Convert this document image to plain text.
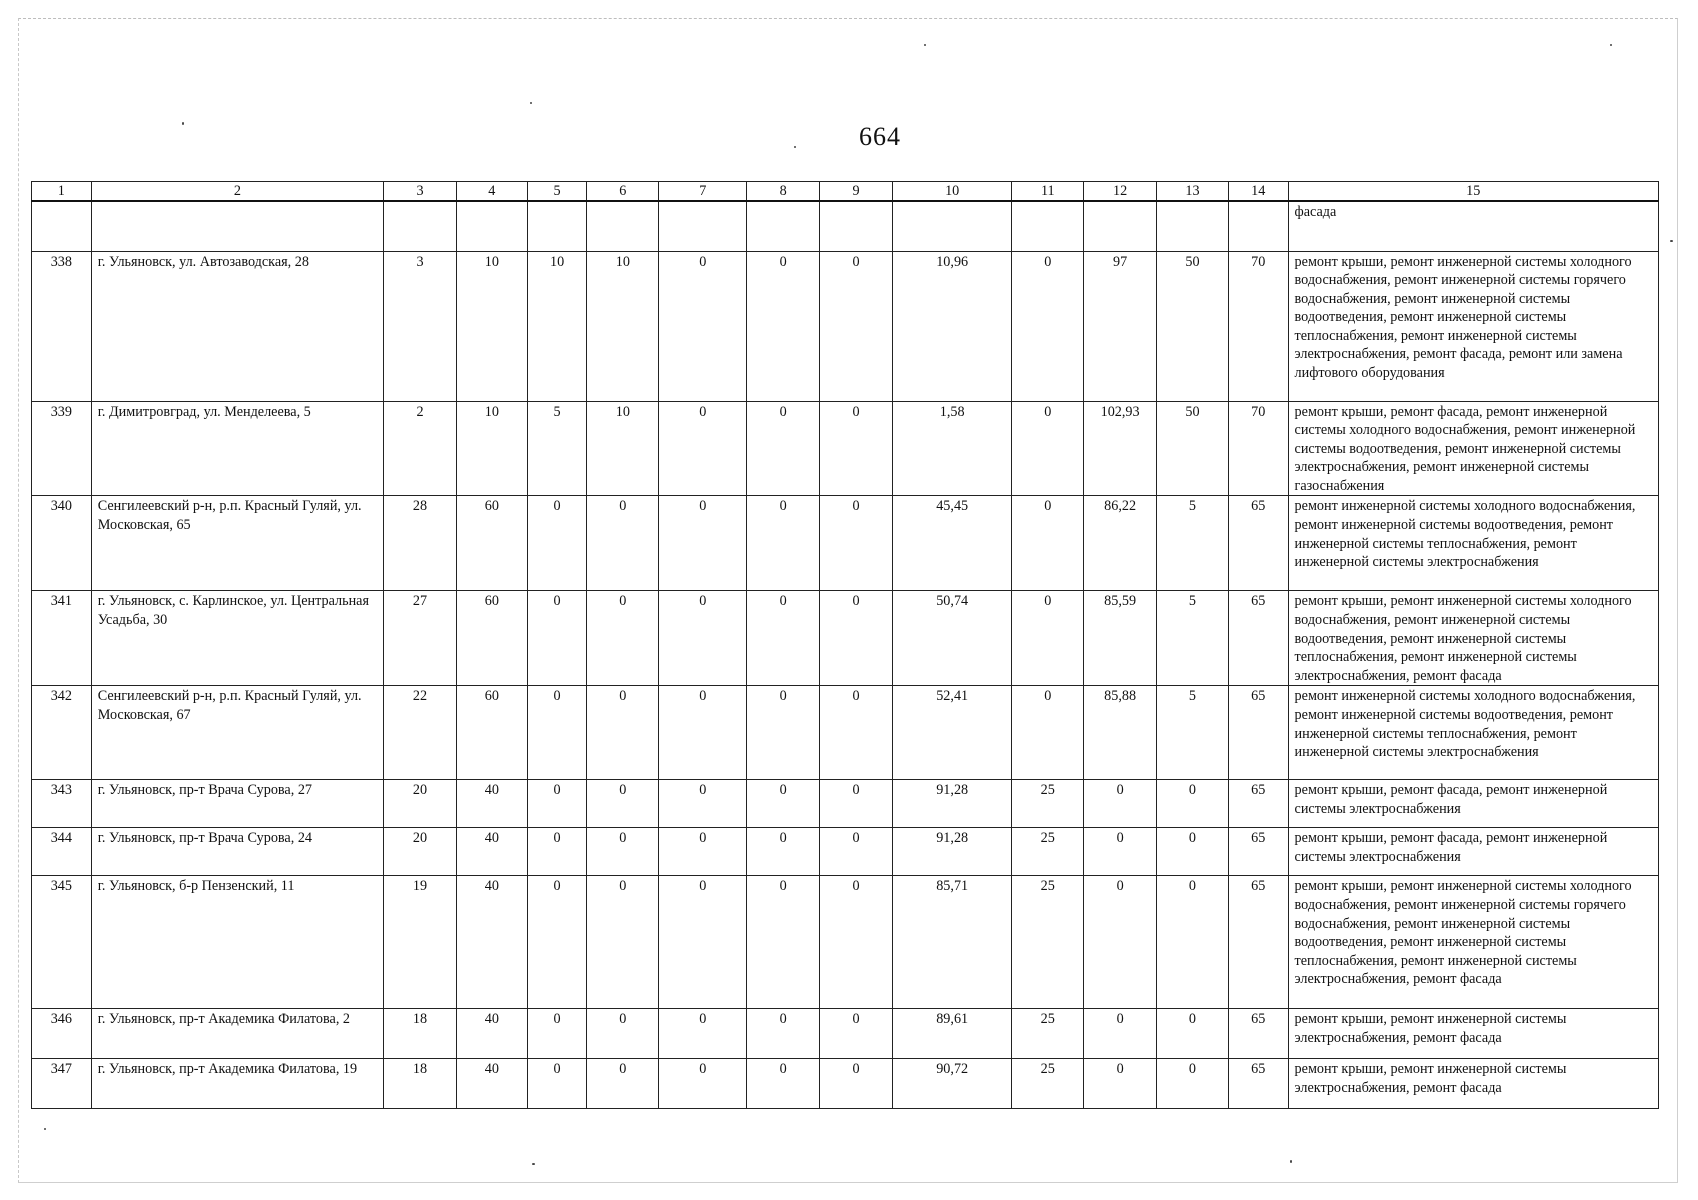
664
1	2	3	4	5	6	7	8	9	10	11	12	13	14	15
														фасада
338	г. Ульяновск, ул. Автозаводская, 28	3	10	10	10	0	0	0	10,96	0	97	50	70	ремонт крыши, ремонт инженерной системы холодного водоснабжения, ремонт инженерной системы горячего водоснабжения, ремонт инженерной системы водоотведения, ремонт инженерной системы теплоснабжения, ремонт инженерной системы электроснабжения, ремонт фасада, ремонт или замена лифтового оборудования
339	г. Димитровград, ул. Менделеева, 5	2	10	5	10	0	0	0	1,58	0	102,93	50	70	ремонт крыши, ремонт фасада, ремонт инженерной системы холодного водоснабжения, ремонт инженерной системы водоотведения, ремонт инженерной системы электроснабжения, ремонт инженерной системы газоснабжения
340	Сенгилеевский р-н, р.п. Красный Гуляй, ул. Московская, 65	28	60	0	0	0	0	0	45,45	0	86,22	5	65	ремонт инженерной системы холодного водоснабжения, ремонт инженерной системы водоотведения, ремонт инженерной системы теплоснабжения, ремонт инженерной системы электроснабжения
341	г. Ульяновск, с. Карлинское, ул. Центральная Усадьба, 30	27	60	0	0	0	0	0	50,74	0	85,59	5	65	ремонт крыши, ремонт инженерной системы холодного водоснабжения, ремонт инженерной системы водоотведения, ремонт инженерной системы теплоснабжения, ремонт инженерной системы электроснабжения, ремонт фасада
342	Сенгилеевский р-н, р.п. Красный Гуляй, ул. Московская, 67	22	60	0	0	0	0	0	52,41	0	85,88	5	65	ремонт инженерной системы холодного водоснабжения, ремонт инженерной системы водоотведения, ремонт инженерной системы теплоснабжения, ремонт инженерной системы электроснабжения
343	г. Ульяновск, пр-т Врача Сурова, 27	20	40	0	0	0	0	0	91,28	25	0	0	65	ремонт крыши, ремонт фасада, ремонт инженерной системы электроснабжения
344	г. Ульяновск, пр-т Врача Сурова, 24	20	40	0	0	0	0	0	91,28	25	0	0	65	ремонт крыши, ремонт фасада, ремонт инженерной системы электроснабжения
345	г. Ульяновск, б-р Пензенский, 11	19	40	0	0	0	0	0	85,71	25	0	0	65	ремонт крыши, ремонт инженерной системы холодного водоснабжения, ремонт инженерной системы горячего водоснабжения, ремонт инженерной системы водоотведения, ремонт инженерной системы теплоснабжения, ремонт инженерной системы электроснабжения, ремонт фасада
346	г. Ульяновск, пр-т Академика Филатова, 2	18	40	0	0	0	0	0	89,61	25	0	0	65	ремонт крыши, ремонт инженерной системы электроснабжения, ремонт фасада
347	г. Ульяновск, пр-т Академика Филатова, 19	18	40	0	0	0	0	0	90,72	25	0	0	65	ремонт крыши, ремонт инженерной системы электроснабжения, ремонт фасада
